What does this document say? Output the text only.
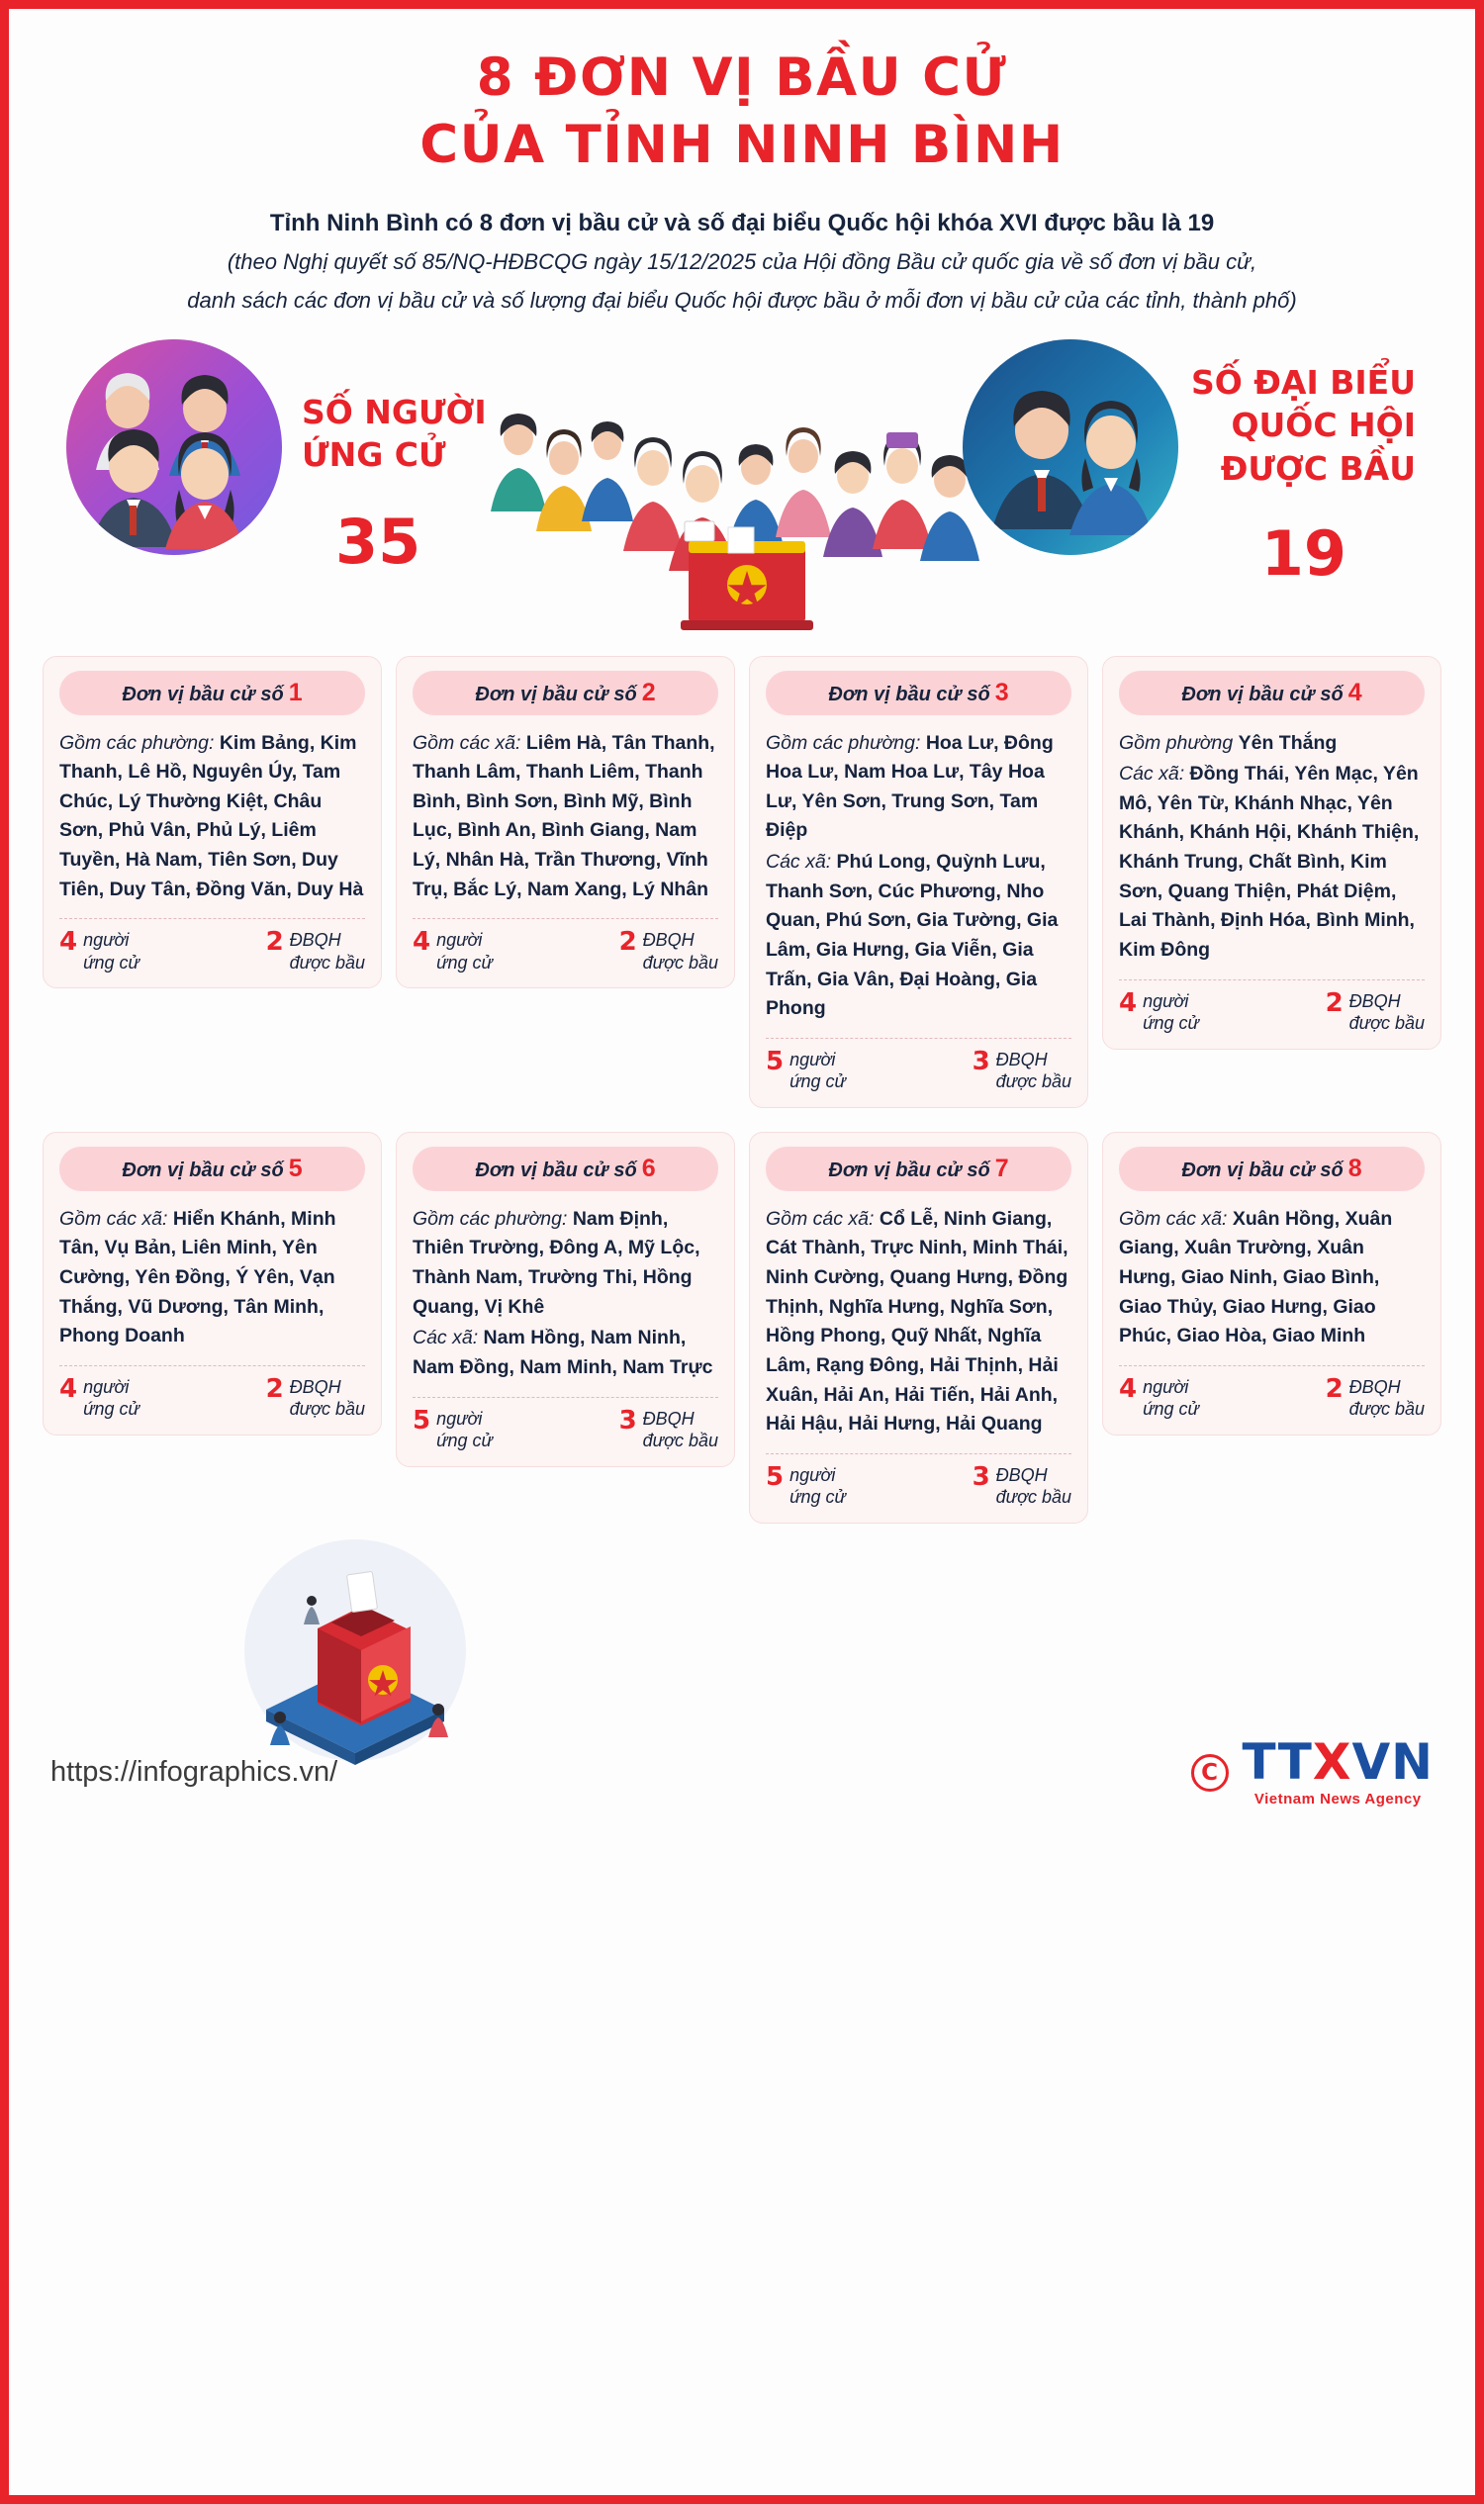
8 ĐƠN VỊ BẦU CỬ
CỦA TỈNH NINH BÌNH
Tỉnh Ninh Bình có 8 đơn vị bầu cử và số đại biểu Quốc hội khóa XVI được bầu là 19
(theo Nghị quyết số 85/NQ-HĐBCQG ngày 15/12/2025 của Hội đồng Bầu cử quốc gia về số đơn vị bầu cử,
danh sách các đơn vị bầu cử và số lượng đại biểu Quốc hội được bầu ở mỗi đơn vị bầu cử của các tỉnh, thành phố)
SỐ NGƯỜI
ỨNG CỬ
35
SỐ ĐẠI BIỂU
QUỐC HỘI
ĐƯỢC BẦU
19
Đơn vị bầu cử số 1

Gồm các phường: Kim Bảng, Kim Thanh, Lê Hồ, Nguyên Úy, Tam Chúc, Lý Thường Kiệt, Châu Sơn, Phủ Vân, Phủ Lý, Liêm Tuyền, Hà Nam, Tiên Sơn, Duy Tiên, Duy Tân, Đồng Văn, Duy Hà

4 người
ứng cử
2 ĐBQH
được bầu
Đơn vị bầu cử số 2

Gồm các xã: Liêm Hà, Tân Thanh, Thanh Lâm, Thanh Liêm, Thanh Bình, Bình Sơn, Bình Mỹ, Bình Lục, Bình An, Bình Giang, Nam Lý, Nhân Hà, Trần Thương, Vĩnh Trụ, Bắc Lý, Nam Xang, Lý Nhân

4 người
ứng cử
2 ĐBQH
được bầu
Đơn vị bầu cử số 3

Gồm các phường: Hoa Lư, Đông Hoa Lư, Nam Hoa Lư, Tây Hoa Lư, Yên Sơn, Trung Sơn, Tam Điệp

Các xã: Phú Long, Quỳnh Lưu, Thanh Sơn, Cúc Phương, Nho Quan, Phú Sơn, Gia Tường, Gia Lâm, Gia Hưng, Gia Viễn, Gia Trấn, Gia Vân, Đại Hoàng, Gia Phong

5 người
ứng cử
3 ĐBQH
được bầu
Đơn vị bầu cử số 4

Gồm phường Yên Thắng

Các xã: Đồng Thái, Yên Mạc, Yên Mô, Yên Từ, Khánh Nhạc, Yên Khánh, Khánh Hội, Khánh Thiện, Khánh Trung, Chất Bình, Kim Sơn, Quang Thiện, Phát Diệm, Lai Thành, Định Hóa, Bình Minh, Kim Đông

4 người
ứng cử
2 ĐBQH
được bầu
Đơn vị bầu cử số 5

Gồm các xã: Hiển Khánh, Minh Tân, Vụ Bản, Liên Minh, Yên Cường, Yên Đồng, Ý Yên, Vạn Thắng, Vũ Dương, Tân Minh, Phong Doanh

4 người
ứng cử
2 ĐBQH
được bầu
Đơn vị bầu cử số 6

Gồm các phường: Nam Định, Thiên Trường, Đông A, Mỹ Lộc, Thành Nam, Trường Thi, Hồng Quang, Vị Khê

Các xã: Nam Hồng, Nam Ninh, Nam Đồng, Nam Minh, Nam Trực

5 người
ứng cử
3 ĐBQH
được bầu
Đơn vị bầu cử số 7

Gồm các xã: Cổ Lễ, Ninh Giang, Cát Thành, Trực Ninh, Minh Thái, Ninh Cường, Quang Hưng, Đồng Thịnh, Nghĩa Hưng, Nghĩa Sơn, Hồng Phong, Quỹ Nhất, Nghĩa Lâm, Rạng Đông, Hải Thịnh, Hải Xuân, Hải An, Hải Tiến, Hải Anh, Hải Hậu, Hải Hưng, Hải Quang

5 người
ứng cử
3 ĐBQH
được bầu
Đơn vị bầu cử số 8

Gồm các xã: Xuân Hồng, Xuân Giang, Xuân Trường, Xuân Hưng, Giao Ninh, Giao Bình, Giao Thủy, Giao Hưng, Giao Phúc, Giao Hòa, Giao Minh

4 người
ứng cử
2 ĐBQH
được bầu
https://infographics.vn/	C TTXVN
Vietnam News Agency
